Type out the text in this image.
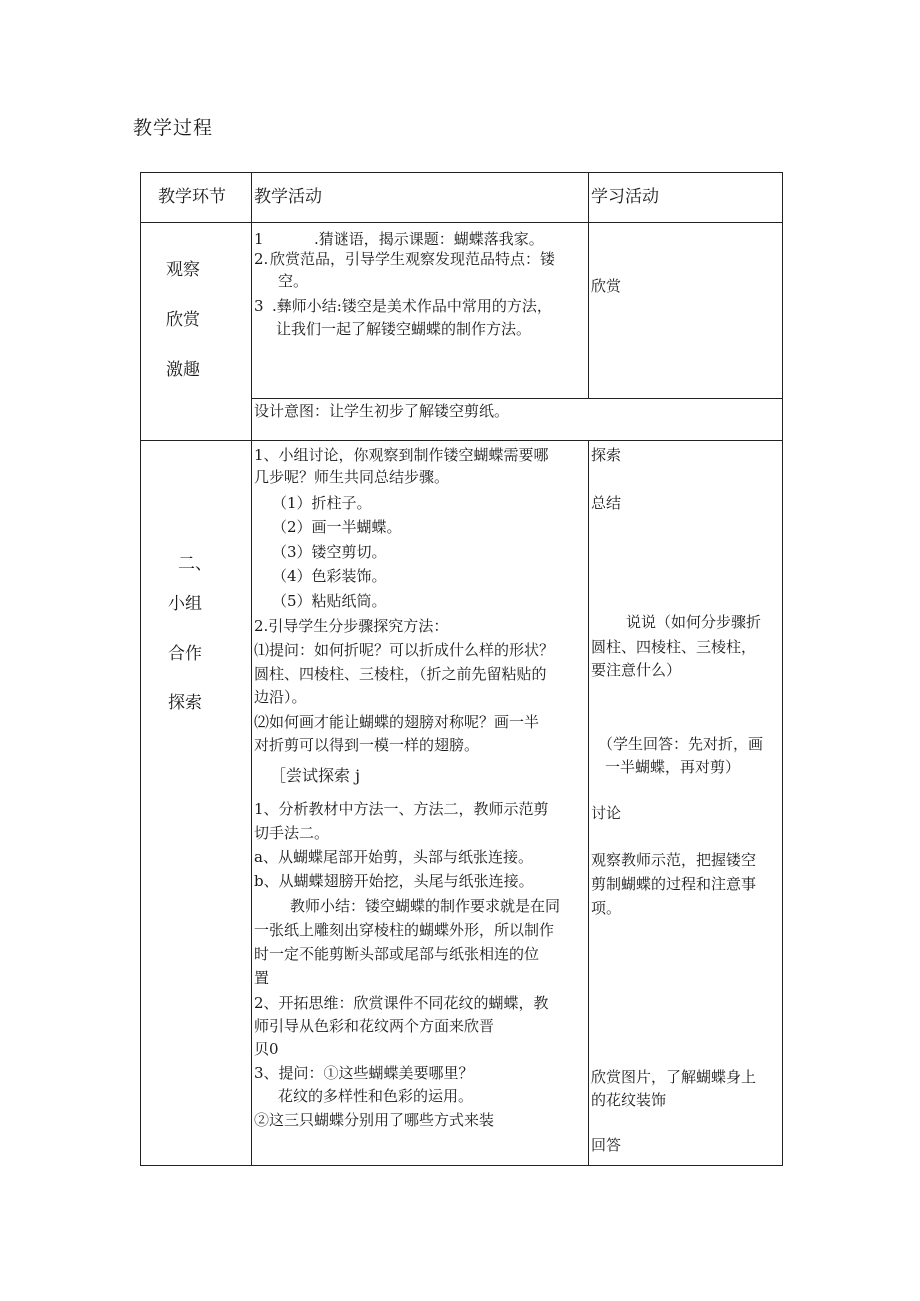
教学过程
教学环节 教学活动	学习活动
观察
欣赏
激趣
1	.猜谜语，揭示课题：蝴蝶落我家。
2. 欣赏范品，引导学生观察发现范品特点：镂
空。
3 .彝师小结:镂空是美术作品中常用的方法，
让我们一起了解镂空蝴蝶的制作方法。
欣赏
设计意图：让学生初步了解镂空剪纸。
二、
小组
合作
探索
1、小组讨论，你观察到制作镂空蝴蝶需要哪
几步呢？师生共同总结步骤。
（1）折柱子。
（2）画一半蝴蝶。
（3）镂空剪切。
（4）色彩装饰。
（5）粘贴纸筒。
2.引导学生分步骤探究方法：
⑴提问：如何折呢？可以折成什么样的形状？
圆柱、四棱柱、三棱柱，（折之前先留粘贴的
边沿）。
⑵如何画才能让蝴蝶的翅膀对称呢？画一半
对折剪可以得到一模一样的翅膀。
［尝试探索 j
1、分析教材中方法一、方法二，教师示范剪
切手法二。
a、从蝴蝶尾部开始剪，头部与纸张连接。
b、从蝴蝶翅膀开始挖，头尾与纸张连接。
教师小结：镂空蝴蝶的制作要求就是在同
一张纸上雕刻出穿棱柱的蝴蝶外形，所以制作
时一定不能剪断头部或尾部与纸张相连的位
置
2、开拓思维：欣赏课件不同花纹的蝴蝶，教
师引导从色彩和花纹两个方面来欣晋
贝0
3、提问：①这些蝴蝶美要哪里？
花纹的多样性和色彩的运用。
②这三只蝴蝶分别用了哪些方式来装
探索
总结
说说（如何分步骤折
圆柱、四棱柱、三棱柱，
要注意什么）
（学生回答：先对折，画
一半蝴蝶，再对剪）
讨论
观察教师示范，把握镂空
剪制蝴蝶的过程和注意事
项。
欣赏图片，了解蝴蝶身上
的花纹装饰
回答
